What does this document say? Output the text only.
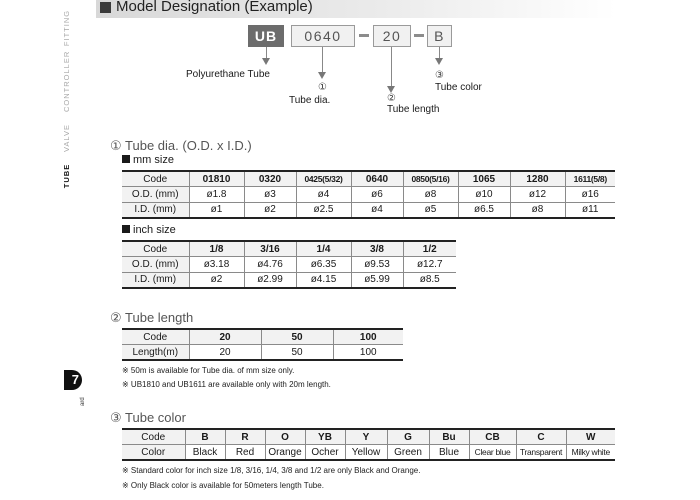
FITTING
CONTROLLER
VALVE
TUBE
7
ard
Model Designation (Example)
UB	0640	20	B
Polyurethane Tube
①
Tube dia.	②
Tube length
③
Tube color
① Tube dia. (O.D. x I.D.)
mm size
Code	01810	0320	0425(5/32)	0640	0850(5/16)	1065	1280	1611(5/8)
O.D. (mm)	ø1.8	ø3	ø4	ø6	ø8	ø10	ø12	ø16
I.D. (mm)	ø1	ø2	ø2.5	ø4	ø5	ø6.5	ø8	ø11
inch size
Code	1/8	3/16	1/4	3/8	1/2
O.D. (mm)	ø3.18	ø4.76	ø6.35	ø9.53	ø12.7
I.D. (mm)	ø2	ø2.99	ø4.15	ø5.99	ø8.5
② Tube length
Code	20	50	100
Length(m)	20	50	100
※ 50m is available for Tube dia. of mm size only.
※ UB1810 and UB1611 are available only with 20m length.
③ Tube color
Code	B	R	O	YB	Y	G	Bu	CB	C	W
Color	Black	Red	Orange	Ocher	Yellow	Green	Blue	Clear blue	Transparent	Milky white
※ Standard color for inch size 1/8, 3/16, 1/4, 3/8 and 1/2 are only Black and Orange.
※ Only Black color is available for 50meters length Tube.
